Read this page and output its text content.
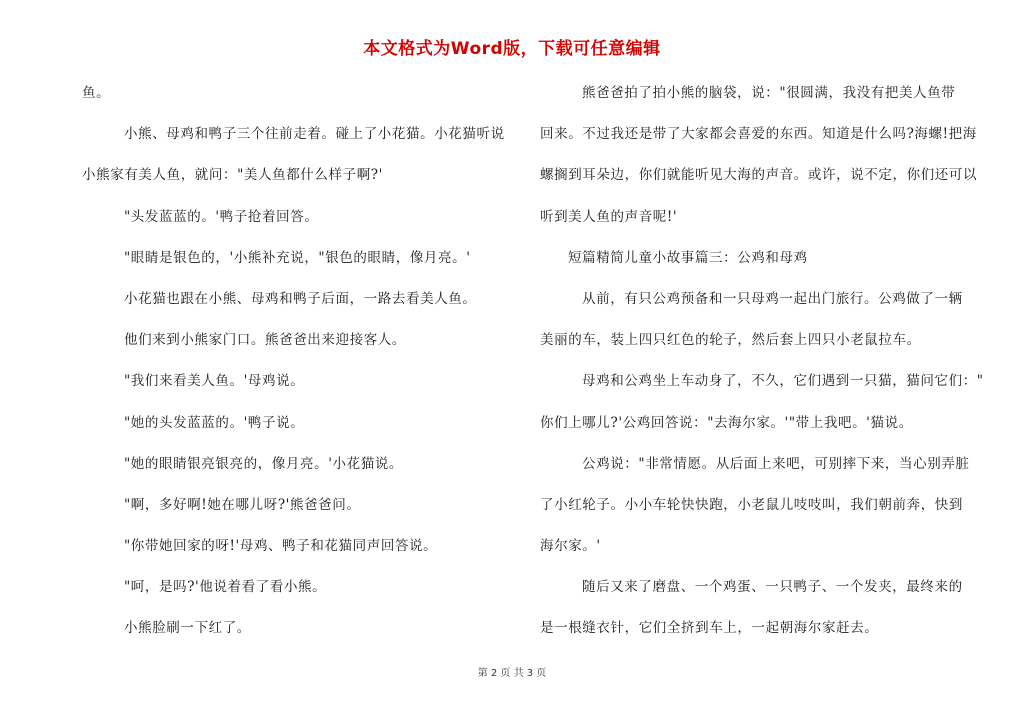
本文格式为Word版，下载可任意编辑
鱼。
小熊、母鸡和鸭子三个往前走着。碰上了小花猫。小花猫听说
小熊家有美人鱼，就问："美人鱼都什么样子啊?'
"头发蓝蓝的。'鸭子抢着回答。
"眼睛是银色的，'小熊补充说，"银色的眼睛，像月亮。'
小花猫也跟在小熊、母鸡和鸭子后面，一路去看美人鱼。
他们来到小熊家门口。熊爸爸出来迎接客人。
"我们来看美人鱼。'母鸡说。
"她的头发蓝蓝的。'鸭子说。
"她的眼睛银亮银亮的，像月亮。'小花猫说。
"啊，多好啊!她在哪儿呀?'熊爸爸问。
"你带她回家的呀!'母鸡、鸭子和花猫同声回答说。
"呵，是吗?'他说着看了看小熊。
小熊脸刷一下红了。
熊爸爸拍了拍小熊的脑袋，说："很圆满，我没有把美人鱼带
回来。不过我还是带了大家都会喜爱的东西。知道是什么吗?海螺!把海
螺搁到耳朵边，你们就能听见大海的声音。或许，说不定，你们还可以
听到美人鱼的声音呢!'
短篇精简儿童小故事篇三：公鸡和母鸡
从前，有只公鸡预备和一只母鸡一起出门旅行。公鸡做了一辆
美丽的车，装上四只红色的轮子，然后套上四只小老鼠拉车。
母鸡和公鸡坐上车动身了，不久，它们遇到一只猫，猫问它们："
你们上哪儿?'公鸡回答说："去海尔家。'"带上我吧。'猫说。
公鸡说："非常情愿。从后面上来吧，可别摔下来，当心别弄脏
了小红轮子。小小车轮快快跑，小老鼠儿吱吱叫，我们朝前奔，快到
海尔家。'
随后又来了磨盘、一个鸡蛋、一只鸭子、一个发夹，最终来的
是一根缝衣针，它们全挤到车上，一起朝海尔家赶去。
第 2 页 共 3 页
